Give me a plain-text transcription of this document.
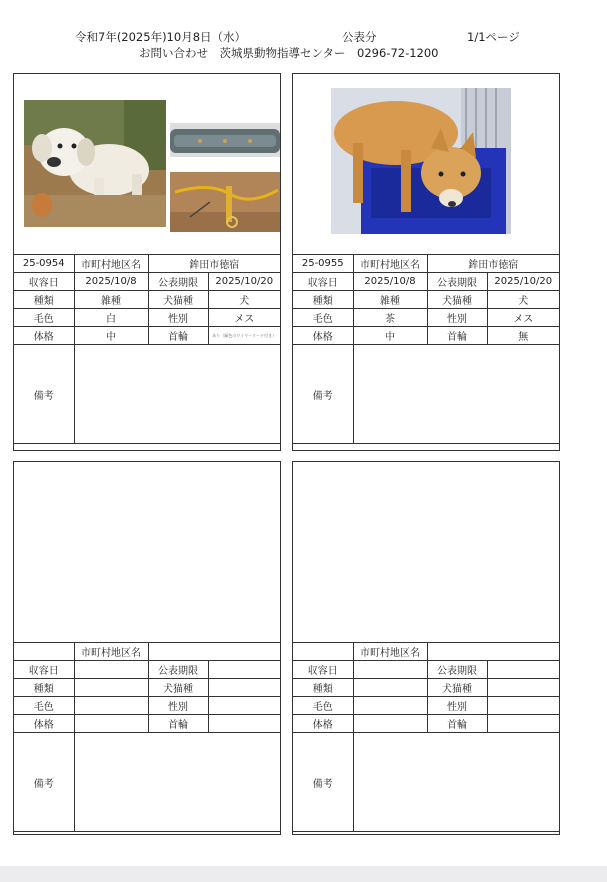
令和7年(2025年)10月8日（水）	公表分	1/1ページ
お問い合わせ　茨城県動物指導センター　0296-72-1200
25-0954	市町村地区名	鉾田市徳宿	
収容日	2025/10/8	公表期限	2025/10/20
種類	雑種	犬猫種	犬
毛色	白	性別	メス
体格	中	首輪	あり（緑色のワイヤーリード付き）
備考			
25-0955	市町村地区名	鉾田市徳宿	
収容日	2025/10/8	公表期限	2025/10/20
種類	雑種	犬猫種	犬
毛色	茶	性別	メス
体格	中	首輪	無
備考			
	市町村地区名		
収容日		公表期限	
種類		犬猫種	
毛色		性別	
体格		首輪	
備考			
	市町村地区名		
収容日		公表期限	
種類		犬猫種	
毛色		性別	
体格		首輪	
備考			
